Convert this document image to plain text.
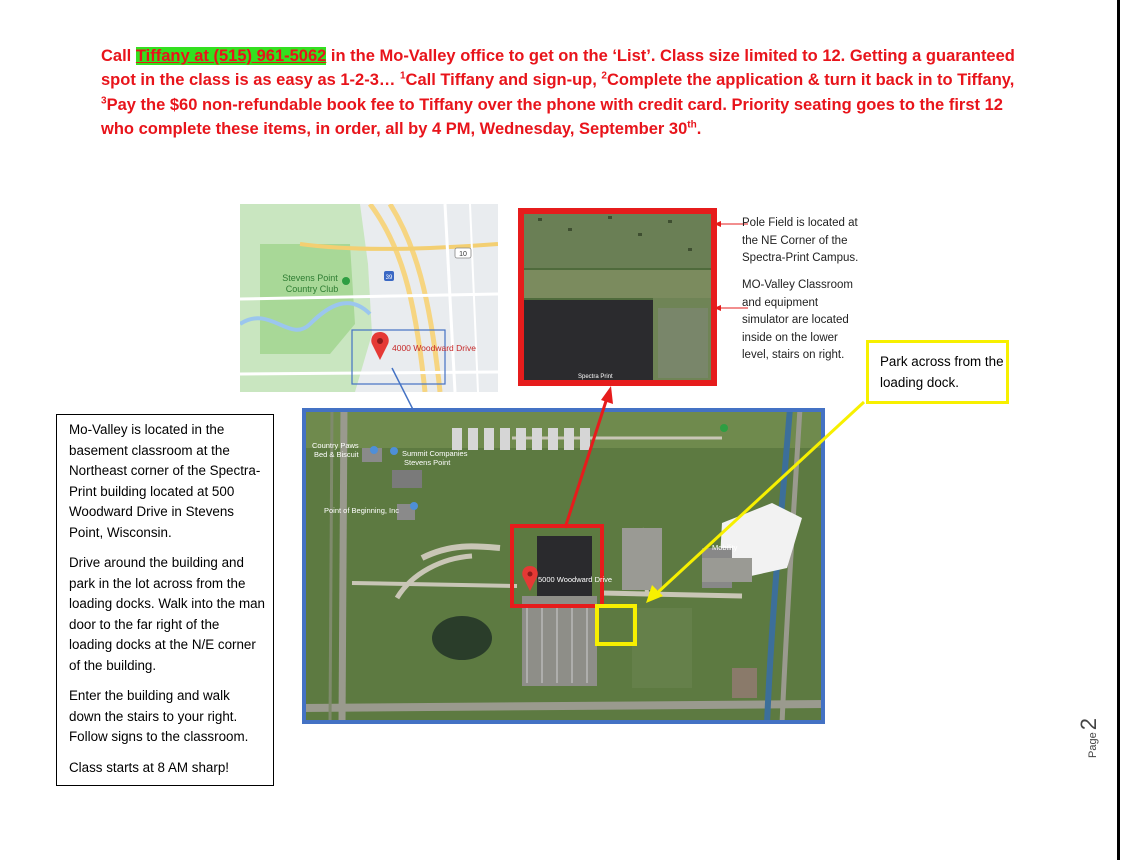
Call Tiffany at (515) 961-5062 in the Mo-Valley office to get on the ‘List’. Class size limited to 12. Getting a guaranteed spot in the class is as easy as 1-2-3… $^1$Call Tiffany and sign-up, $^2$Complete the application & turn it back in to Tiffany, $^3$Pay the $60 non-refundable book fee to Tiffany over the phone with credit card. Priority seating goes to the first 12 who complete these items, in order, all by 4 PM, Wednesday, September 30th.
10
39
Stevens Point
Country Club
4000 Woodward Drive
Spectra Print
Pole Field is located at
the NE Corner of the
Spectra-Print Campus.
MO-Valley Classroom
and equipment
simulator are located
inside on the lower
level, stairs on right.	Park across from the loading dock.
Country Paws
Bed & Biscuit	Summit Companies
Stevens Point
Point of Beginning, Inc
5000 Woodward Drive
Mobility

Mo-Valley is located in the basement classroom at the Northeast corner of the Spectra-Print building located at 500 Woodward Drive in Stevens Point, Wisconsin.

Drive around the building and park in the lot across from the loading docks. Walk into the man door to the far right of the loading docks at the N/E corner of the building.

Enter the building and walk down the stairs to your right. Follow signs to the classroom.

Class starts at 8 AM sharp!

Page2
